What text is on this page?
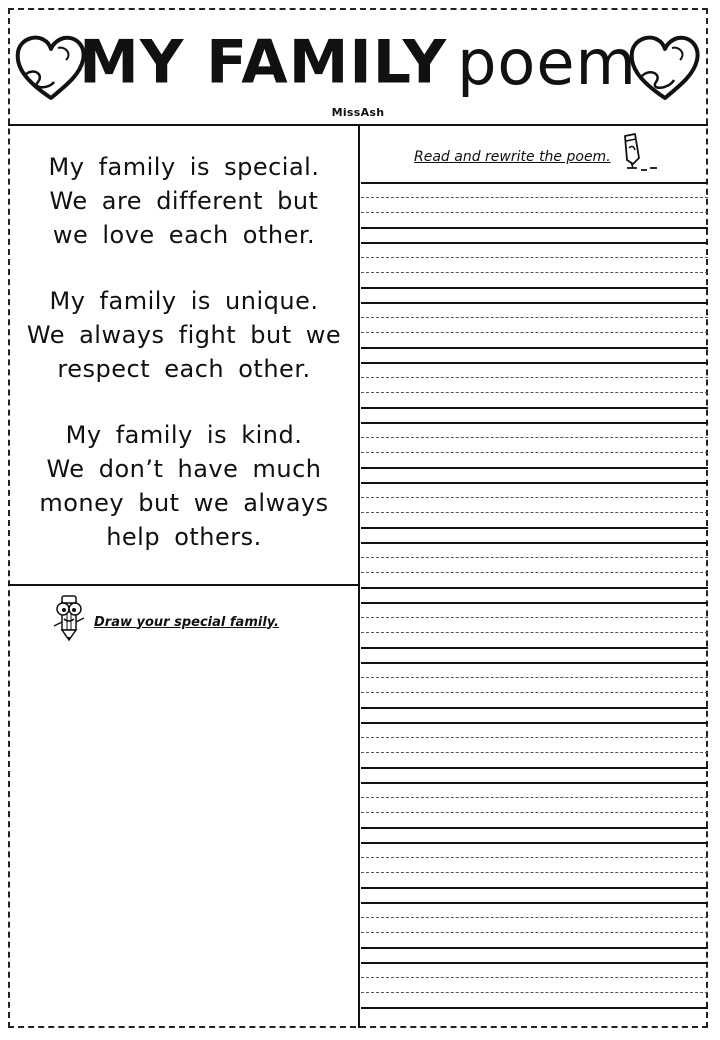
MY FAMILY poem
MissAsh
My family is special.
We are different but
we love each other.
My family is unique.
We always fight but we
respect each other.
My family is kind.
We don’t have much
money but we always
help others.
Draw your special family.
Read and rewrite the poem.
